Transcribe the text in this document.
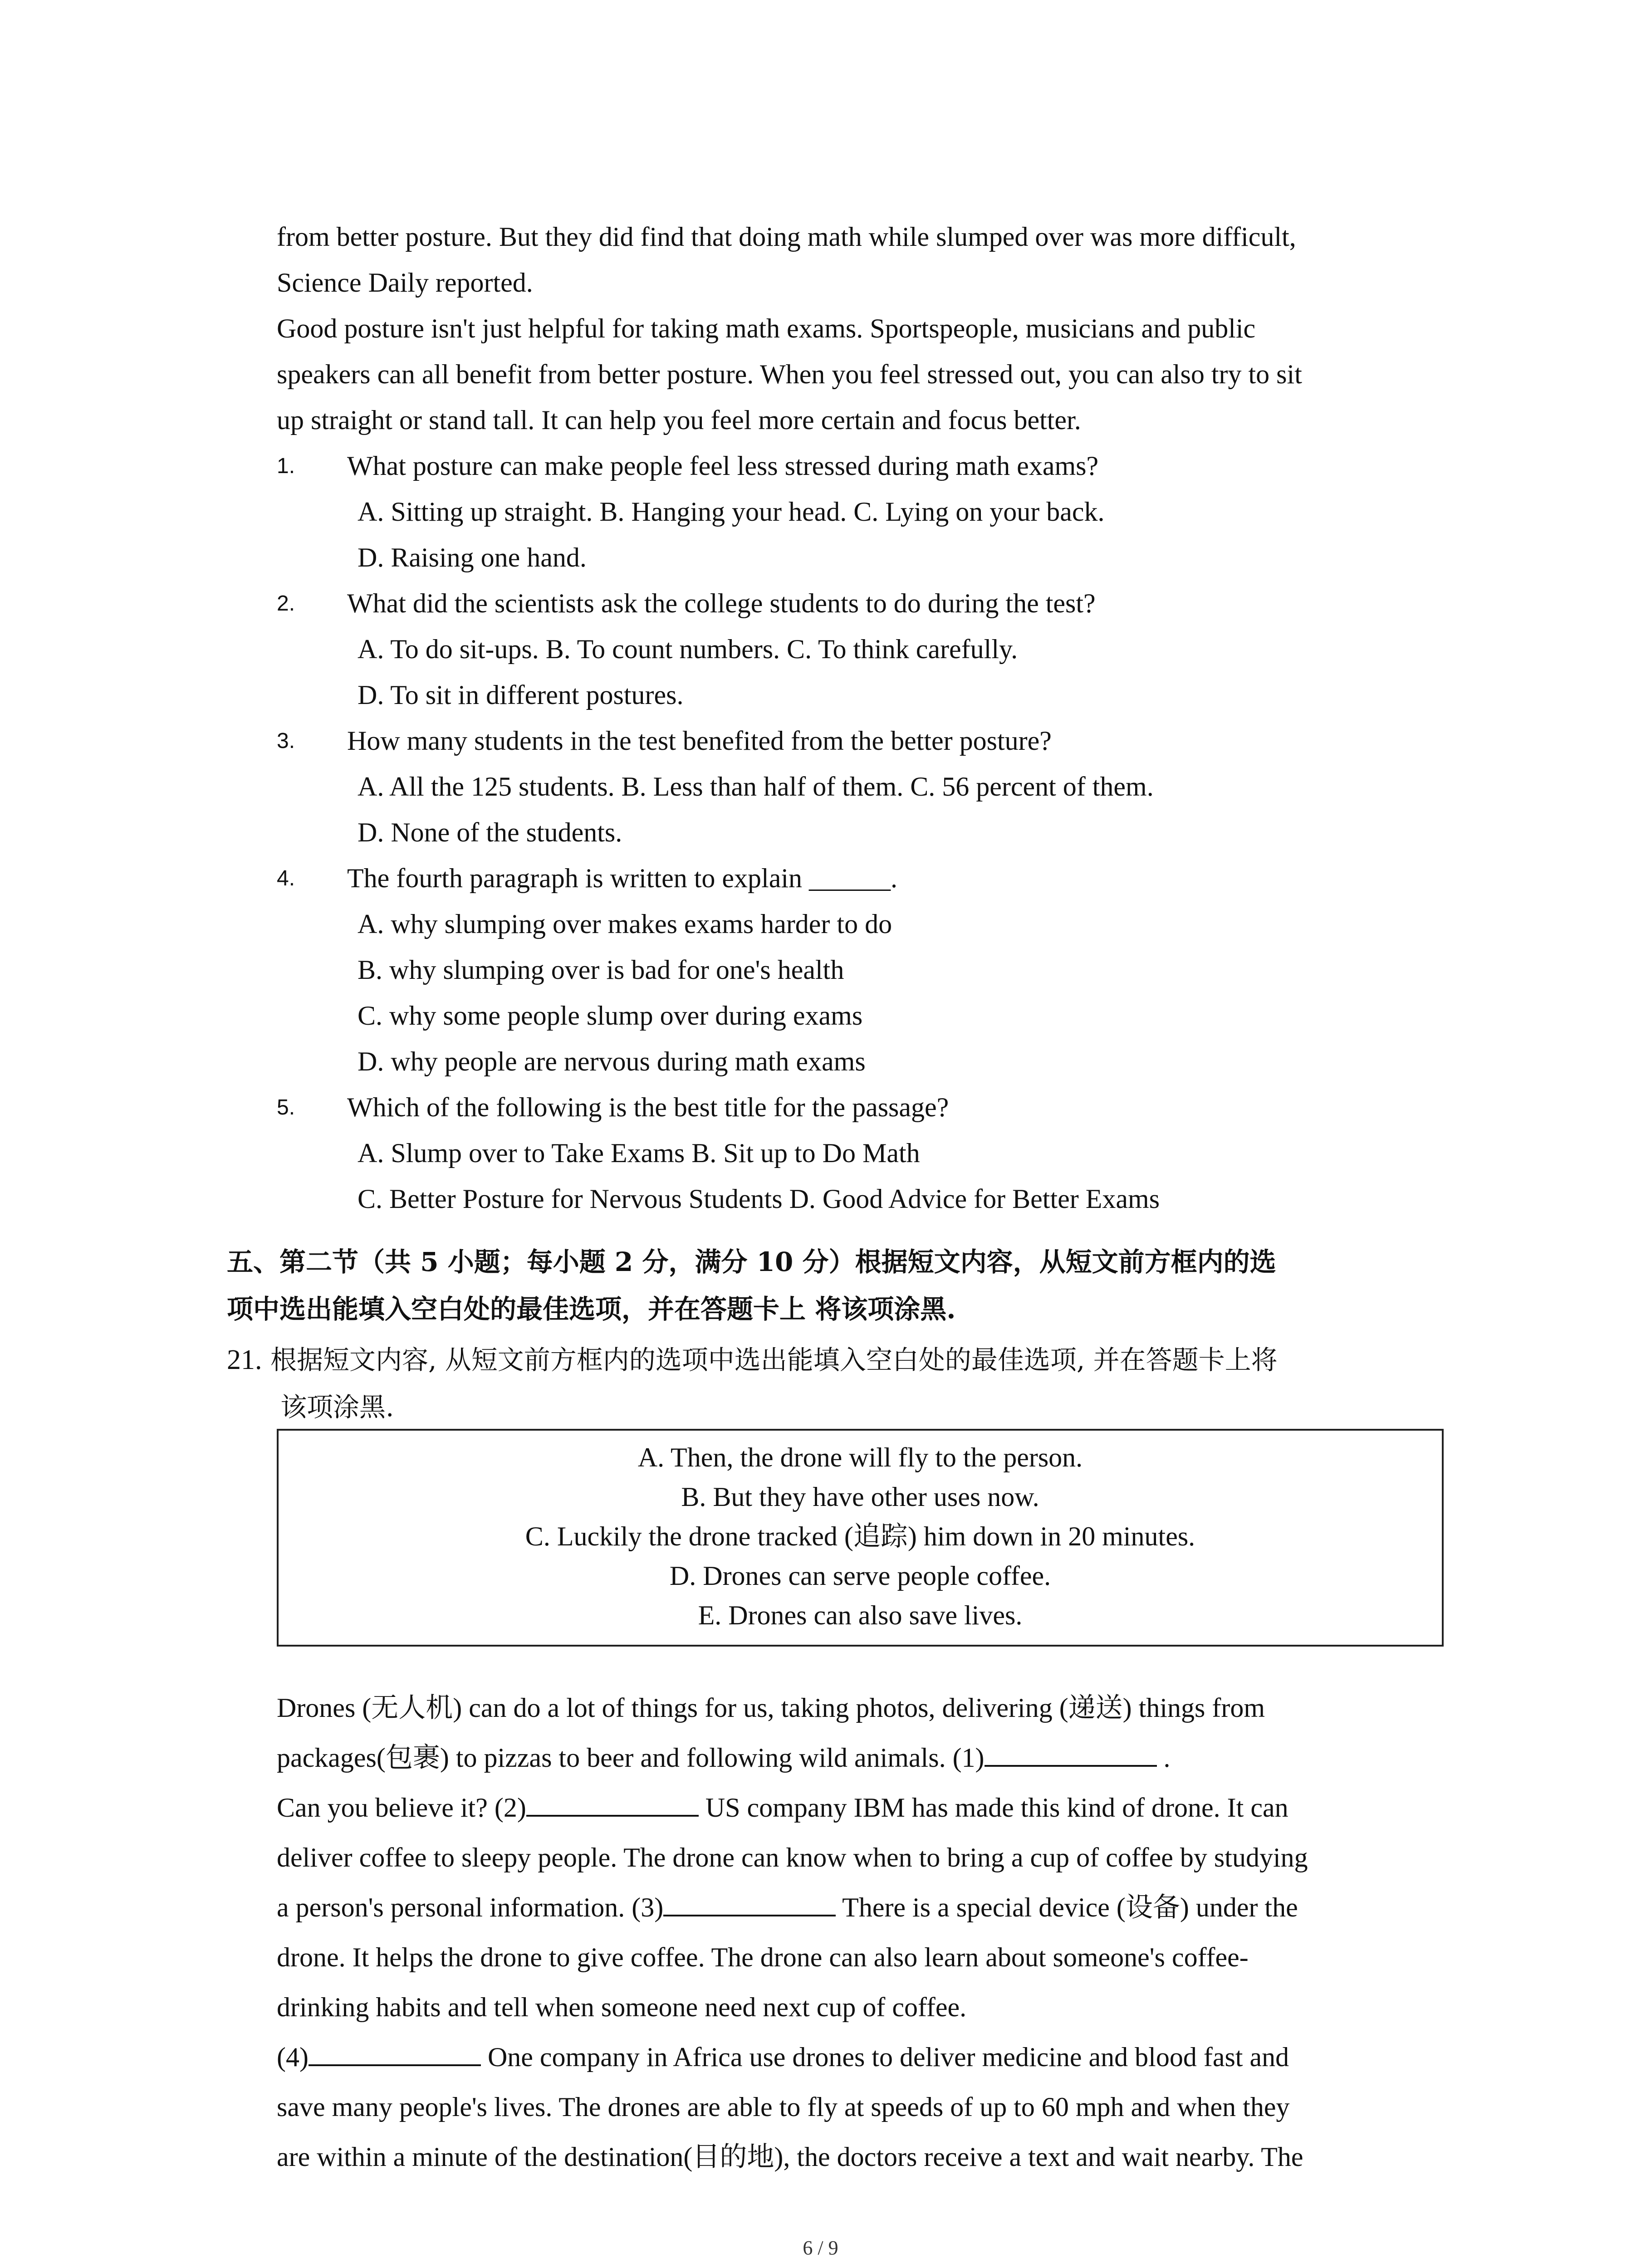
from better posture. But they did find that doing math while slumped over was more difficult,
Science Daily reported.
Good posture isn't just helpful for taking math exams. Sportspeople, musicians and public
speakers can all benefit from better posture. When you feel stressed out, you can also try to sit
up straight or stand tall. It can help you feel more certain and focus better.
1. What posture can make people feel less stressed during math exams?
A. Sitting up straight. B. Hanging your head. C. Lying on your back.
D. Raising one hand.
2. What did the scientists ask the college students to do during the test?
A. To do sit-ups. B. To count numbers. C. To think carefully.
D. To sit in different postures.
3. How many students in the test benefited from the better posture?
A. All the 125 students. B. Less than half of them. C. 56 percent of them.
D. None of the students.
4. The fourth paragraph is written to explain ______.
A. why slumping over makes exams harder to do
B. why slumping over is bad for one's health
C. why some people slump over during exams
D. why people are nervous during math exams
5. Which of the following is the best title for the passage?
A. Slump over to Take Exams B. Sit up to Do Math
C. Better Posture for Nervous Students D. Good Advice for Better Exams
五、第二节（共 5 小题；每小题 2 分，满分 10 分）根据短文内容，从短文前方框内的选
项中选出能填入空白处的最佳选项，并在答题卡上 将该项涂黑.
21. 根据短文内容, 从短文前方框内的选项中选出能填入空白处的最佳选项, 并在答题卡上将
该项涂黑.
A. Then, the drone will fly to the person.
B. But they have other uses now.
C. Luckily the drone tracked (追踪) him down in 20 minutes.
D. Drones can serve people coffee.
E. Drones can also save lives.
Drones (无人机) can do a lot of things for us, taking photos, delivering (递送) things from
packages(包裹) to pizzas to beer and following wild animals. (1)	.
Can you believe it? (2)	US company IBM has made this kind of drone. It can
deliver coffee to sleepy people. The drone can know when to bring a cup of coffee by studying
a person's personal information. (3)	There is a special device (设备) under the
drone. It helps the drone to give coffee. The drone can also learn about someone's coffee-
drinking habits and tell when someone need next cup of coffee.
(4)	One company in Africa use drones to deliver medicine and blood fast and
save many people's lives. The drones are able to fly at speeds of up to 60 mph and when they
are within a minute of the destination(目的地), the doctors receive a text and wait nearby. The
6 / 9
